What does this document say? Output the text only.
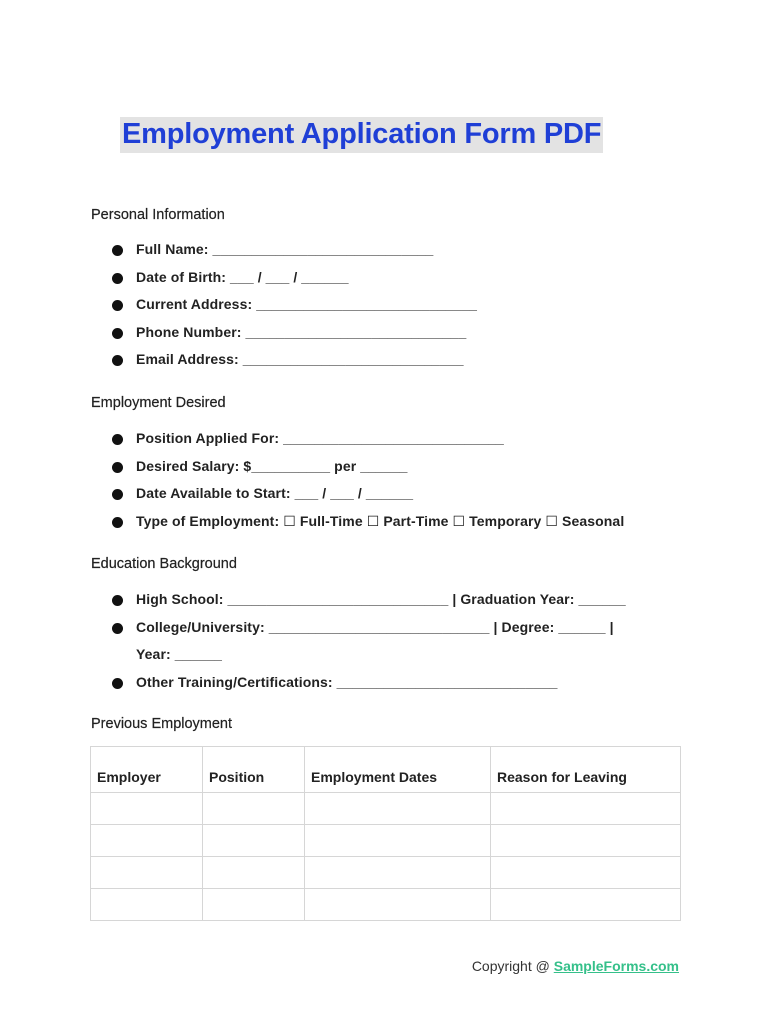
Employment Application Form PDF

Personal Information

Full Name: ____________________________
Date of Birth: ___ / ___ / ______
Current Address: ____________________________
Phone Number: ____________________________
Email Address: ____________________________

Employment Desired

Position Applied For: ____________________________
Desired Salary: $__________ per ______
Date Available to Start: ___ / ___ / ______
Type of Employment: ☐ Full-Time ☐ Part-Time ☐ Temporary ☐ Seasonal

Education Background

High School: ____________________________ | Graduation Year: ______
College/University: ____________________________ | Degree: ______ |
Year: ______
Other Training/Certifications: ____________________________

Previous Employment

Employer	Position	Employment Dates	Reason for Leaving

Copyright @ SampleForms.com
